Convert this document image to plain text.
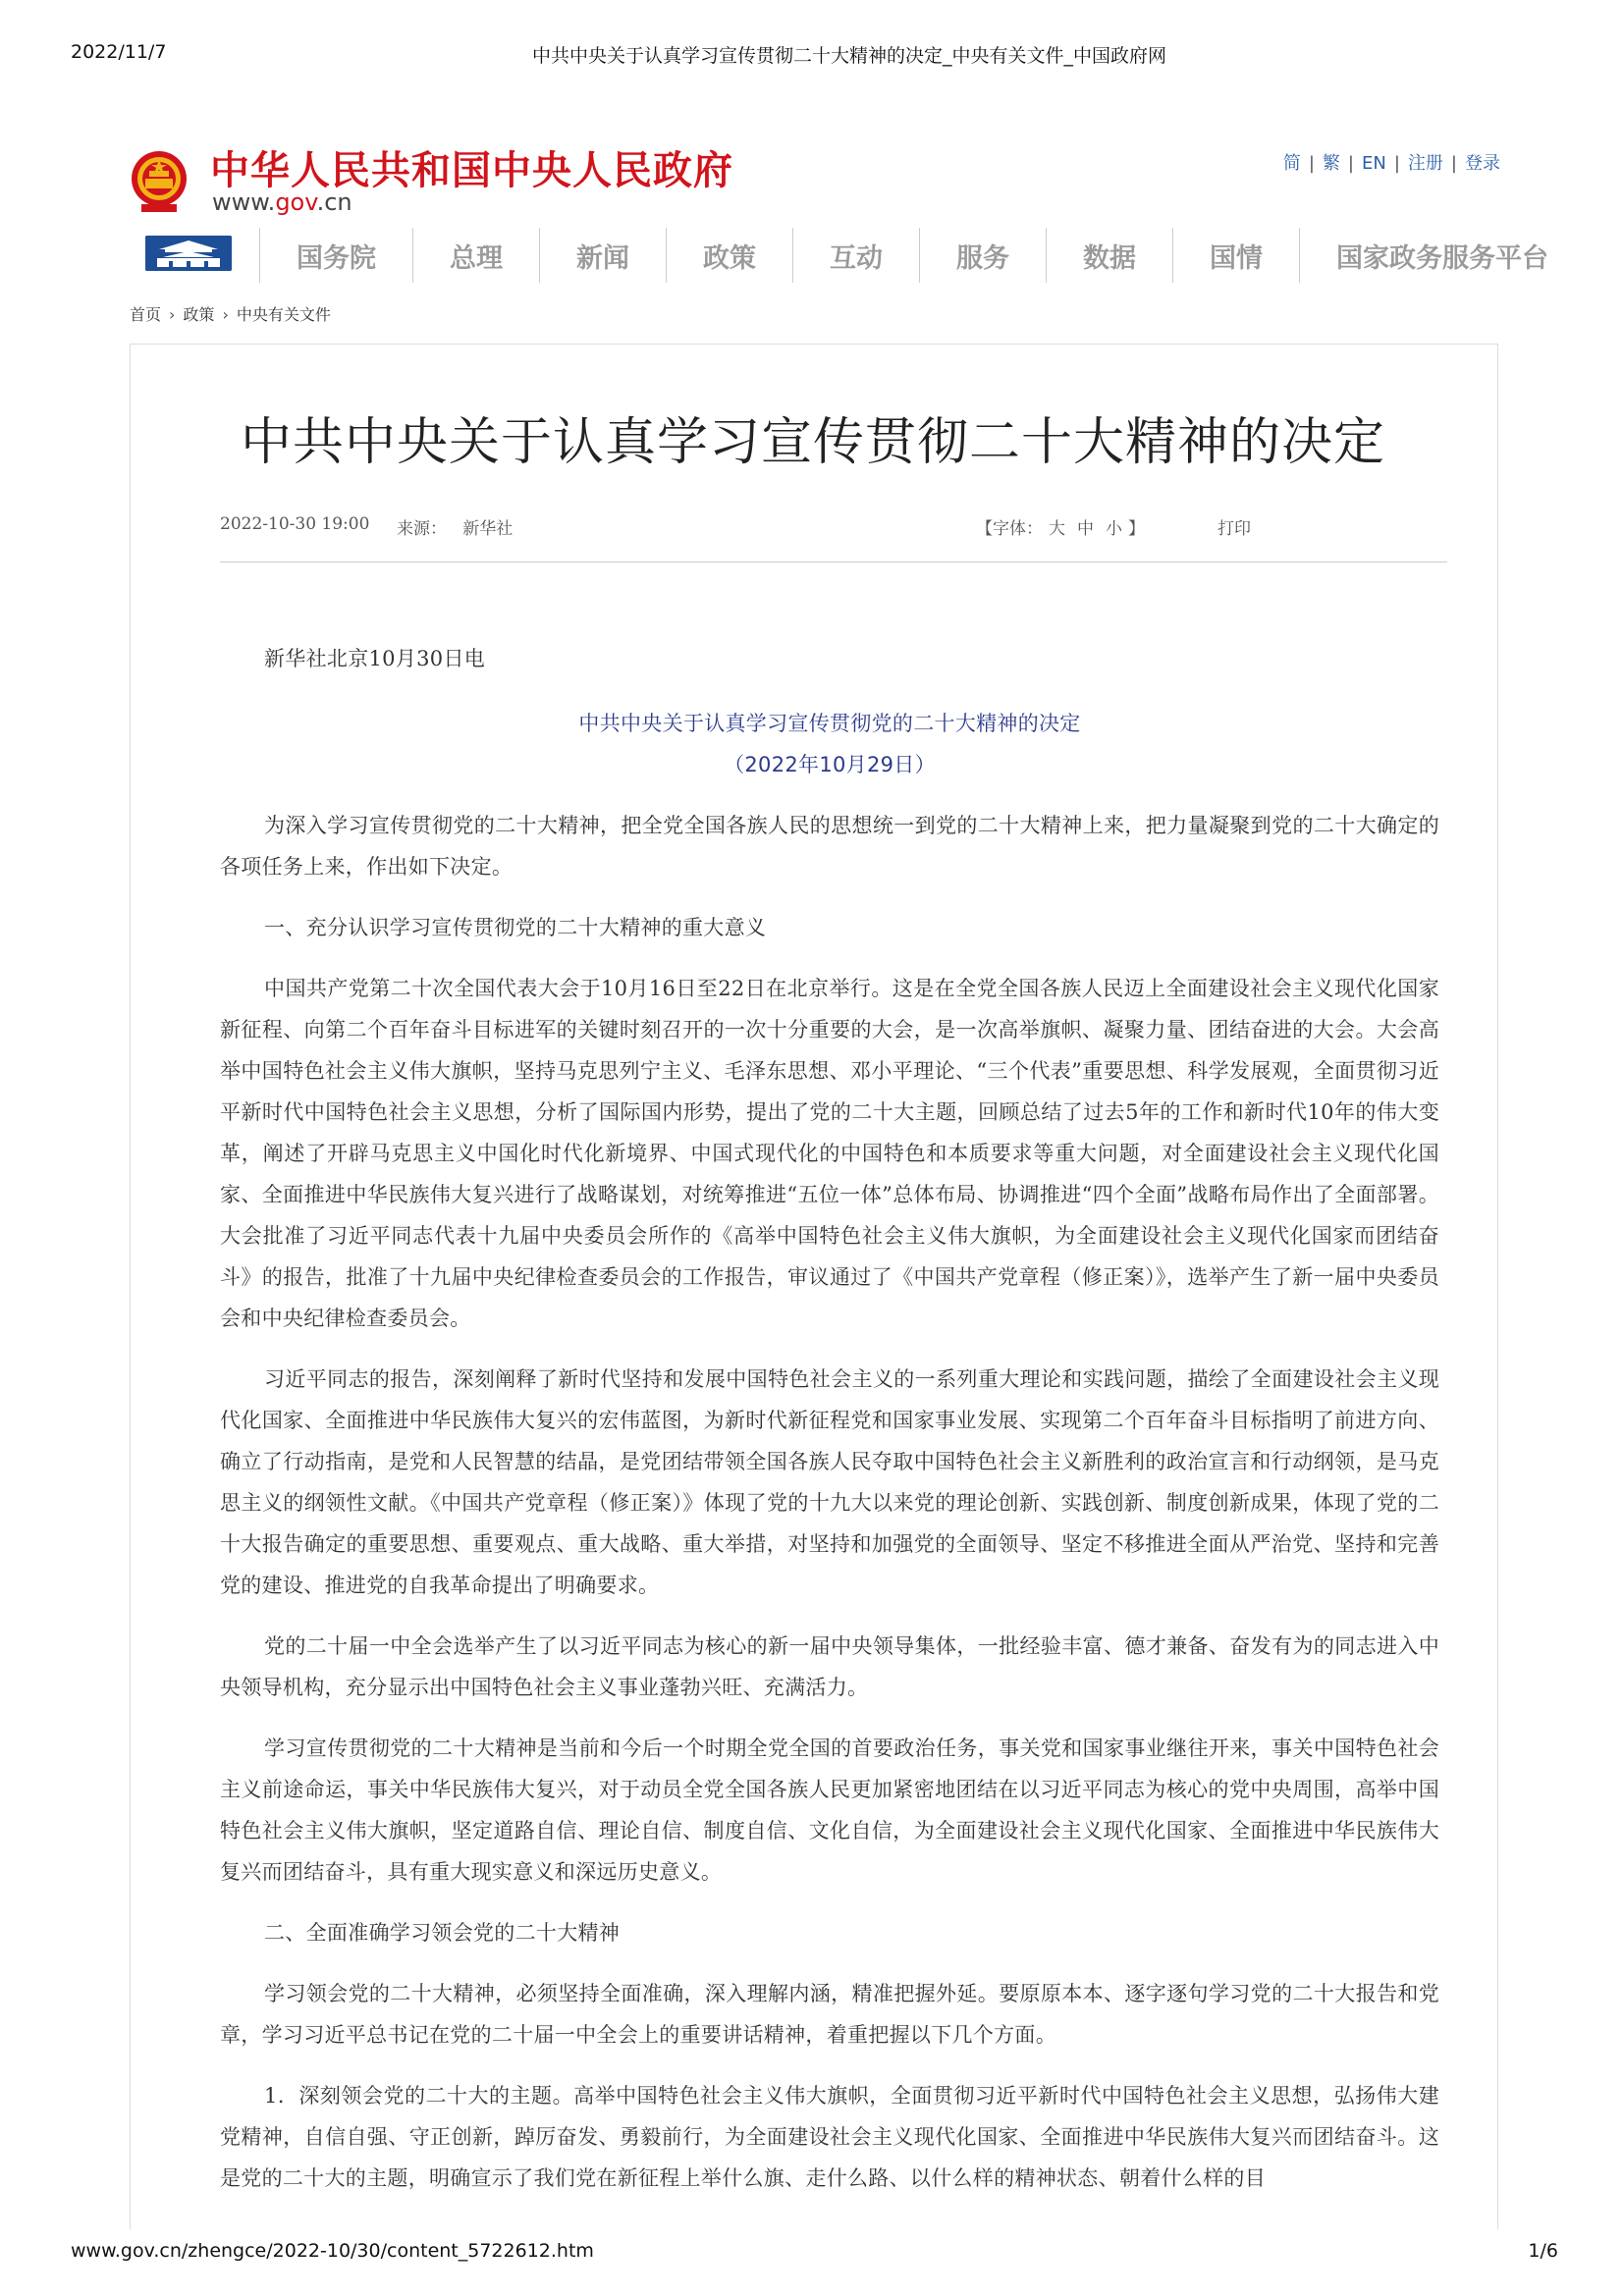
2022/11/7	中共中央关于认真学习宣传贯彻二十大精神的决定_中央有关文件_中国政府网
中华人民共和国中央人民政府
www.gov.cn
简 | 繁 | EN | 注册 | 登录
国务院	总理	新闻	政策	互动	服务	数据	国情	国家政务服务平台
首页 › 政策 › 中央有关文件
中共中央关于认真学习宣传贯彻二十大精神的决定
2022-10-30 19:00 来源： 新华社	【字体： 大 中 小 】	打印

新华社北京10月30日电

中共中央关于认真学习宣传贯彻党的二十大精神的决定

（2022年10月29日）

为深入学习宣传贯彻党的二十大精神，把全党全国各族人民的思想统一到党的二十大精神上来，把力量凝聚到党的二十大确定的各项任务上来，作出如下决定。

一、充分认识学习宣传贯彻党的二十大精神的重大意义

中国共产党第二十次全国代表大会于10月16日至22日在北京举行。这是在全党全国各族人民迈上全面建设社会主义现代化国家新征程、向第二个百年奋斗目标进军的关键时刻召开的一次十分重要的大会，是一次高举旗帜、凝聚力量、团结奋进的大会。大会高举中国特色社会主义伟大旗帜，坚持马克思列宁主义、毛泽东思想、邓小平理论、“三个代表”重要思想、科学发展观，全面贯彻习近平新时代中国特色社会主义思想，分析了国际国内形势，提出了党的二十大主题，回顾总结了过去5年的工作和新时代10年的伟大变革，阐述了开辟马克思主义中国化时代化新境界、中国式现代化的中国特色和本质要求等重大问题，对全面建设社会主义现代化国家、全面推进中华民族伟大复兴进行了战略谋划，对统筹推进“五位一体”总体布局、协调推进“四个全面”战略布局作出了全面部署。大会批准了习近平同志代表十九届中央委员会所作的《高举中国特色社会主义伟大旗帜，为全面建设社会主义现代化国家而团结奋斗》的报告，批准了十九届中央纪律检查委员会的工作报告，审议通过了《中国共产党章程（修正案）》，选举产生了新一届中央委员会和中央纪律检查委员会。

习近平同志的报告，深刻阐释了新时代坚持和发展中国特色社会主义的一系列重大理论和实践问题，描绘了全面建设社会主义现代化国家、全面推进中华民族伟大复兴的宏伟蓝图，为新时代新征程党和国家事业发展、实现第二个百年奋斗目标指明了前进方向、确立了行动指南，是党和人民智慧的结晶，是党团结带领全国各族人民夺取中国特色社会主义新胜利的政治宣言和行动纲领，是马克思主义的纲领性文献。《中国共产党章程（修正案）》体现了党的十九大以来党的理论创新、实践创新、制度创新成果，体现了党的二十大报告确定的重要思想、重要观点、重大战略、重大举措，对坚持和加强党的全面领导、坚定不移推进全面从严治党、坚持和完善党的建设、推进党的自我革命提出了明确要求。

党的二十届一中全会选举产生了以习近平同志为核心的新一届中央领导集体，一批经验丰富、德才兼备、奋发有为的同志进入中央领导机构，充分显示出中国特色社会主义事业蓬勃兴旺、充满活力。

学习宣传贯彻党的二十大精神是当前和今后一个时期全党全国的首要政治任务，事关党和国家事业继往开来，事关中国特色社会主义前途命运，事关中华民族伟大复兴，对于动员全党全国各族人民更加紧密地团结在以习近平同志为核心的党中央周围，高举中国特色社会主义伟大旗帜，坚定道路自信、理论自信、制度自信、文化自信，为全面建设社会主义现代化国家、全面推进中华民族伟大复兴而团结奋斗，具有重大现实意义和深远历史意义。

二、全面准确学习领会党的二十大精神

学习领会党的二十大精神，必须坚持全面准确，深入理解内涵，精准把握外延。要原原本本、逐字逐句学习党的二十大报告和党章，学习习近平总书记在党的二十届一中全会上的重要讲话精神，着重把握以下几个方面。

1．深刻领会党的二十大的主题。高举中国特色社会主义伟大旗帜，全面贯彻习近平新时代中国特色社会主义思想，弘扬伟大建党精神，自信自强、守正创新，踔厉奋发、勇毅前行，为全面建设社会主义现代化国家、全面推进中华民族伟大复兴而团结奋斗。这是党的二十大的主题，明确宣示了我们党在新征程上举什么旗、走什么路、以什么样的精神状态、朝着什么样的目

www.gov.cn/zhengce/2022-10/30/content_5722612.htm	1/6
